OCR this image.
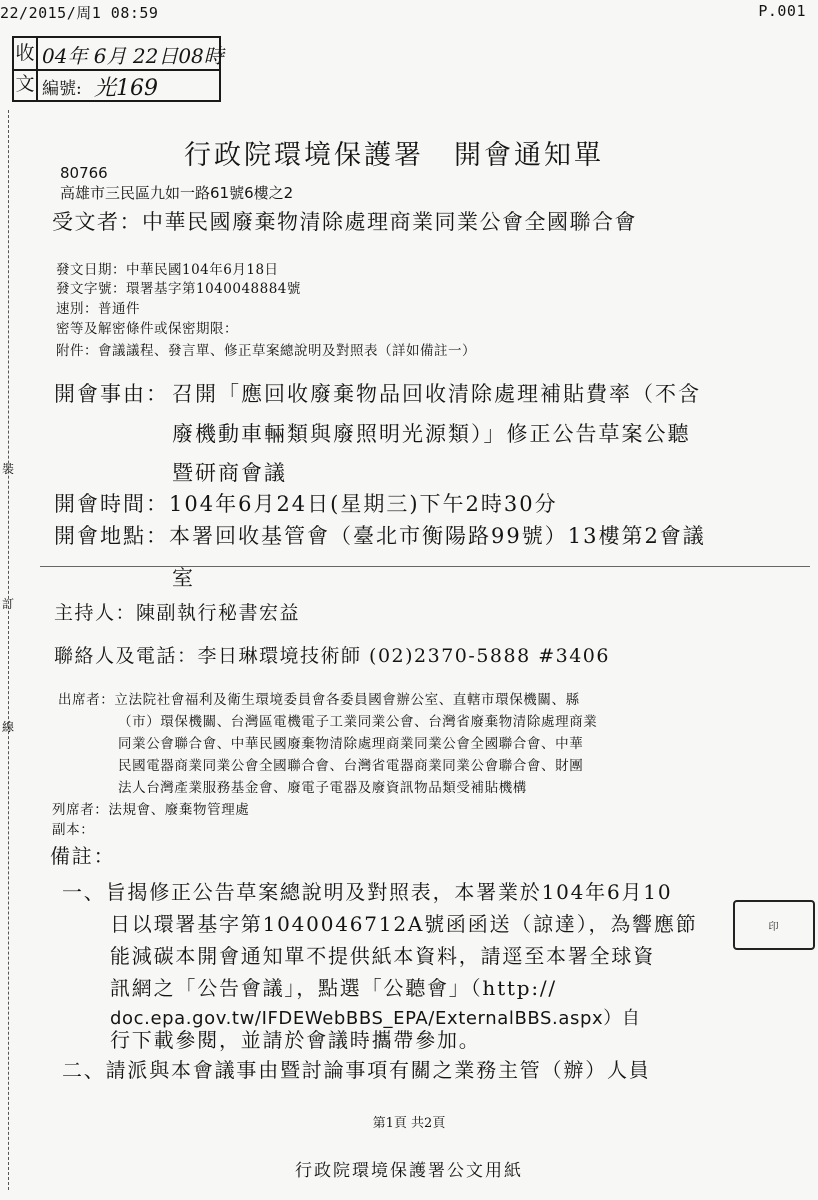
22/2015/周1 08:59	P.001
收 04年 6月 22日08時
文 編號: 光169
裝
訂
線
行政院環境保護署　開會通知單
80766
高雄市三民區九如一路61號6樓之2
受文者：中華民國廢棄物清除處理商業同業公會全國聯合會
發文日期：中華民國104年6月18日
發文字號：環署基字第1040048884號
速別：普通件
密等及解密條件或保密期限：
附件：會議議程、發言單、修正草案總說明及對照表（詳如備註一）
開會事由： 召開「應回收廢棄物品回收清除處理補貼費率（不含
廢機動車輛類與廢照明光源類）」修正公告草案公聽
暨研商會議
開會時間：104年6月24日(星期三)下午2時30分
開會地點：本署回收基管會（臺北市衡陽路99號）13樓第2會議
室
主持人：陳副執行秘書宏益
聯絡人及電話：李日琳環境技術師 (02)2370-5888 #3406
出席者：立法院社會福利及衛生環境委員會各委員國會辦公室、直轄市環保機關、縣
（市）環保機關、台灣區電機電子工業同業公會、台灣省廢棄物清除處理商業
同業公會聯合會、中華民國廢棄物清除處理商業同業公會全國聯合會、中華
民國電器商業同業公會全國聯合會、台灣省電器商業同業公會聯合會、財團
法人台灣產業服務基金會、廢電子電器及廢資訊物品類受補貼機構
列席者：法規會、廢棄物管理處
副本：
備註：
一、旨揭修正公告草案總說明及對照表，本署業於104年6月10
日以環署基字第1040046712A號函函送（諒達），為響應節
能減碳本開會通知單不提供紙本資料，請逕至本署全球資
訊網之「公告會議」，點選「公聽會」（http://
doc.epa.gov.tw/IFDEWebBBS_EPA/ExternalBBS.aspx）自
行下載參閱，並請於會議時攜帶參加。
二、請派與本會議事由暨討論事項有關之業務主管（辦）人員
印
第1頁 共2頁
行政院環境保護署公文用紙
